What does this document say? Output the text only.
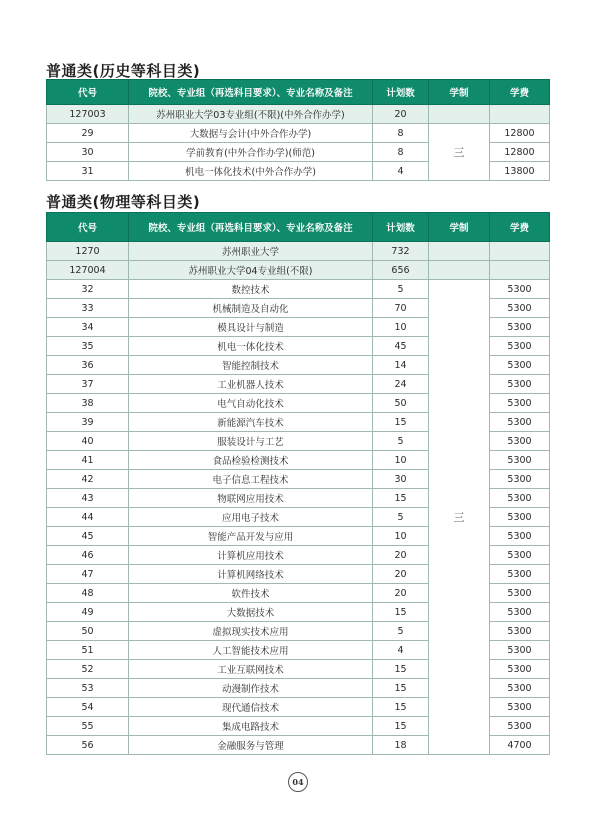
普通类(历史等科目类)
代号	院校、专业组（再选科目要求）、专业名称及备注	计划数	学制	学费
127003	苏州职业大学03专业组(不限)(中外合作办学)	20		
29	大数据与会计(中外合作办学)	8	三	12800
30	学前教育(中外合作办学)(师范)	8		12800
31	机电一体化技术(中外合作办学)	4		13800
普通类(物理等科目类)
代号	院校、专业组（再选科目要求）、专业名称及备注	计划数	学制	学费
1270	苏州职业大学	732		
127004	苏州职业大学04专业组(不限)	656		
32	数控技术	5	三	5300
33	机械制造及自动化	70		5300
34	模具设计与制造	10		5300
35	机电一体化技术	45		5300
36	智能控制技术	14		5300
37	工业机器人技术	24		5300
38	电气自动化技术	50		5300
39	新能源汽车技术	15		5300
40	服装设计与工艺	5		5300
41	食品检验检测技术	10		5300
42	电子信息工程技术	30		5300
43	物联网应用技术	15		5300
44	应用电子技术	5		5300
45	智能产品开发与应用	10		5300
46	计算机应用技术	20		5300
47	计算机网络技术	20		5300
48	软件技术	20		5300
49	大数据技术	15		5300
50	虚拟现实技术应用	5		5300
51	人工智能技术应用	4		5300
52	工业互联网技术	15		5300
53	动漫制作技术	15		5300
54	现代通信技术	15		5300
55	集成电路技术	15		5300
56	金融服务与管理	18		4700
04
